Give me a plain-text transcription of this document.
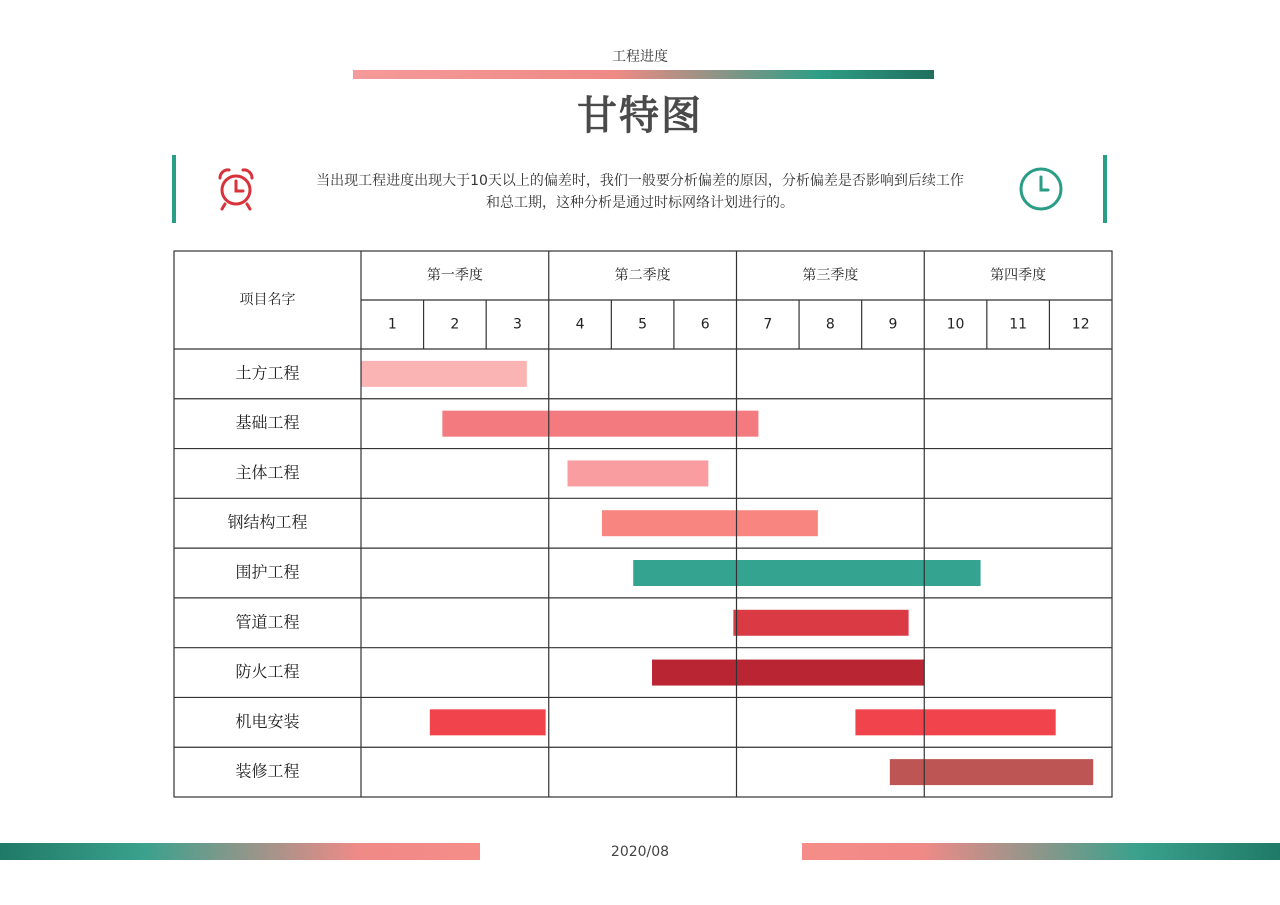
工程进度
甘特图
当出现工程进度出现大于10天以上的偏差时，我们一般要分析偏差的原因，分析偏差是否影响到后续工作和总工期，这种分析是通过时标网络计划进行的。
项目名字
第一季度	第二季度	第三季度	第四季度
1	2	3	4	5	6	7	8	9	10	11	12
土方工程
基础工程
主体工程
钢结构工程
围护工程
管道工程
防火工程
机电安装
装修工程
2020/08
